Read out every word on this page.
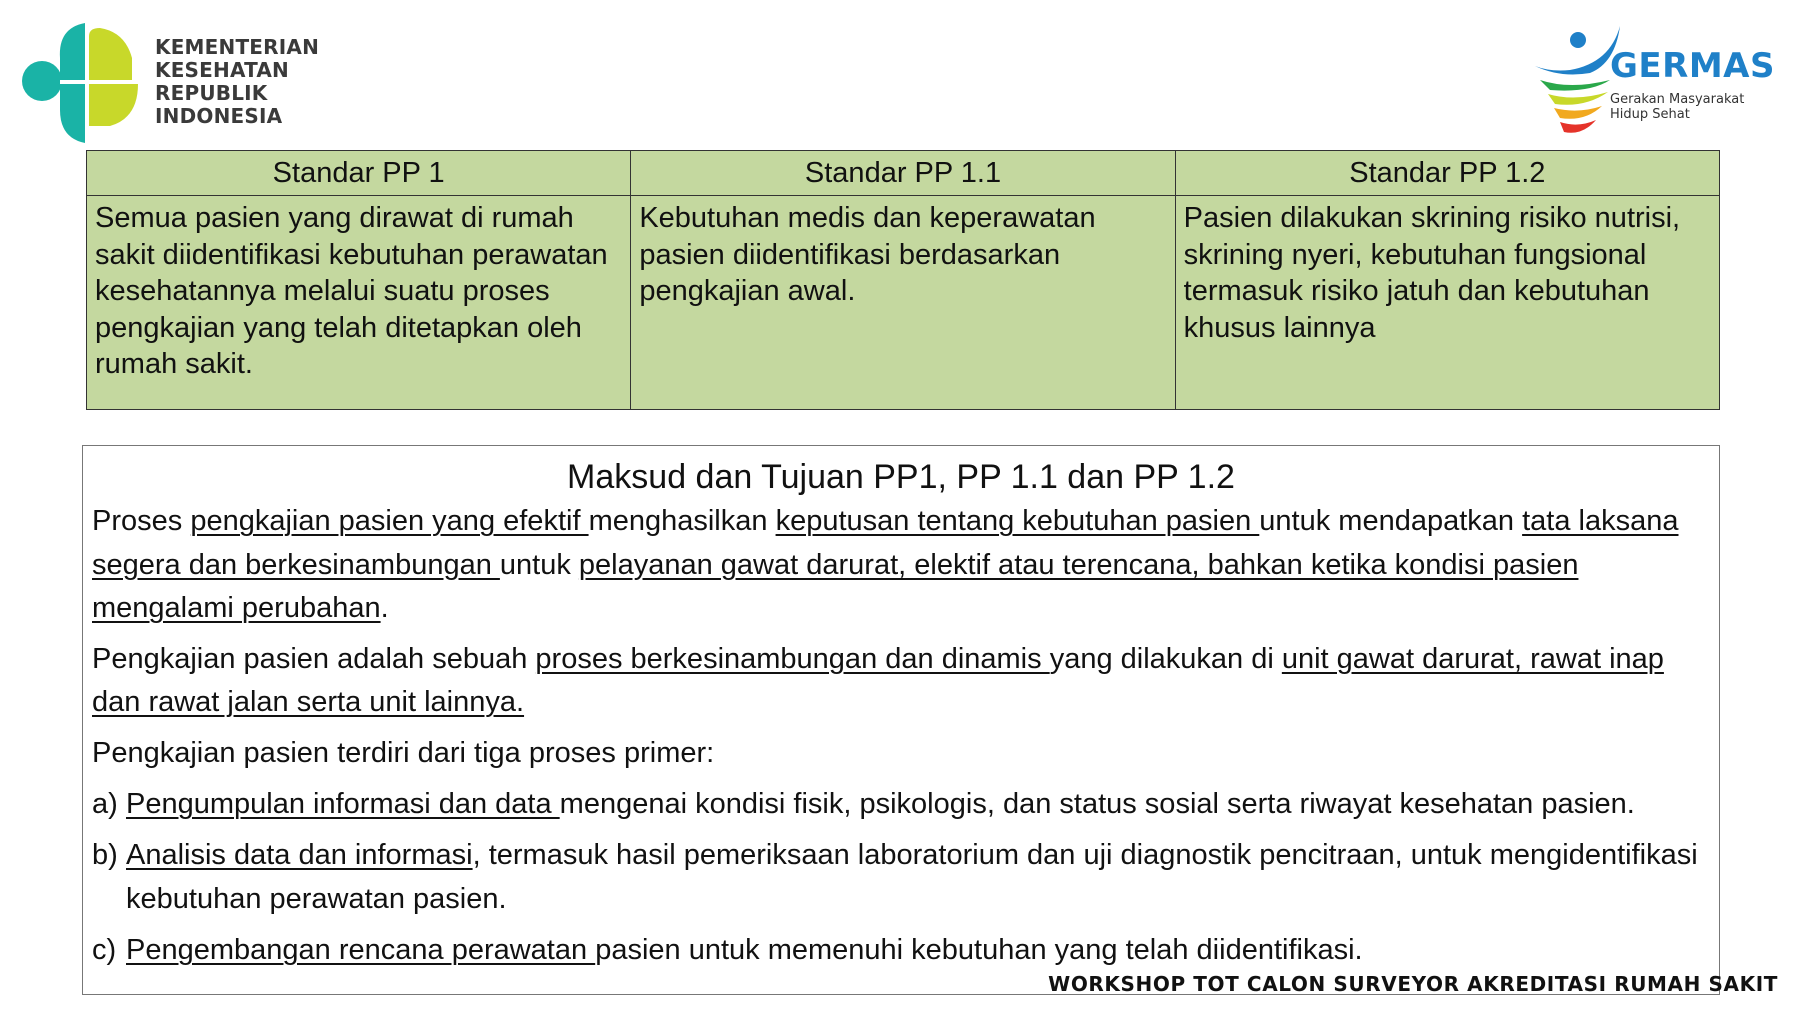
KEMENTERIAN
KESEHATAN
REPUBLIK
INDONESIA
GERMAS
Gerakan Masyarakat
Hidup Sehat
Standar PP 1	Standar PP 1.1	Standar PP 1.2
Semua pasien yang dirawat di rumah sakit diidentifikasi kebutuhan perawatan kesehatannya melalui suatu proses pengkajian yang telah ditetapkan oleh rumah sakit.	Kebutuhan medis dan keperawatan pasien diidentifikasi berdasarkan pengkajian awal.	Pasien dilakukan skrining risiko nutrisi, skrining nyeri, kebutuhan fungsional termasuk risiko jatuh dan kebutuhan khusus lainnya
Maksud dan Tujuan PP1, PP 1.1 dan PP 1.2

Proses pengkajian pasien yang efektif menghasilkan keputusan tentang kebutuhan pasien untuk mendapatkan tata laksana segera dan berkesinambungan untuk pelayanan gawat darurat, elektif atau terencana, bahkan ketika kondisi pasien mengalami perubahan.

Pengkajian pasien adalah sebuah proses berkesinambungan dan dinamis yang dilakukan di unit gawat darurat, rawat inap dan rawat jalan serta unit lainnya.

Pengkajian pasien terdiri dari tiga proses primer:

a) Pengumpulan informasi dan data mengenai kondisi fisik, psikologis, dan status sosial serta riwayat kesehatan pasien.
b) Analisis data dan informasi, termasuk hasil pemeriksaan laboratorium dan uji diagnostik pencitraan, untuk mengidentifikasi kebutuhan perawatan pasien.
c) Pengembangan rencana perawatan pasien untuk memenuhi kebutuhan yang telah diidentifikasi.
WORKSHOP TOT CALON SURVEYOR AKREDITASI RUMAH SAKIT
